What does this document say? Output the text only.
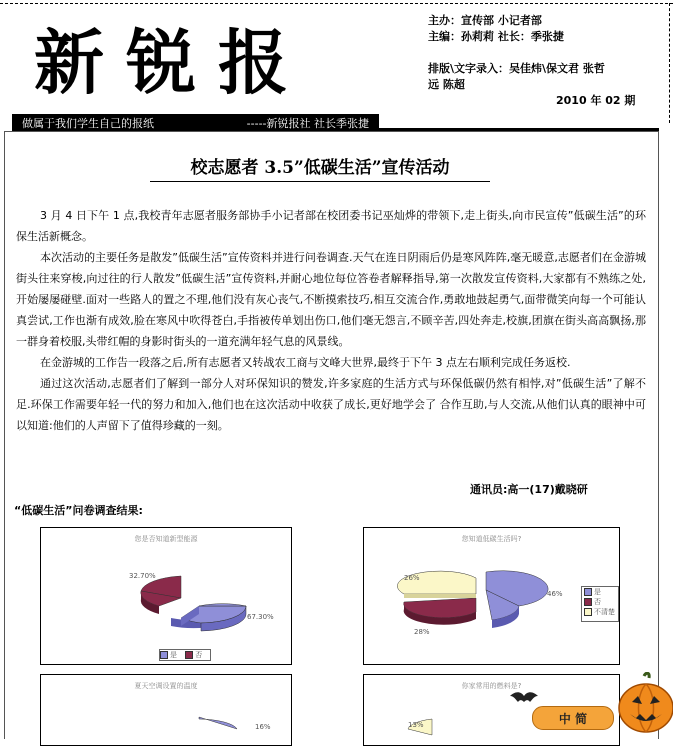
新锐报
主办：宣传部 小记者部
主编：孙莉莉 社长：季张捷
排版\文字录入：吴佳炜\保文君 张哲
远 陈超
2010 年 02 期
做属于我们学生自己的报纸	-----新锐报社 社长季张捷
校志愿者 3.5”低碳生活”宣传活动

3 月 4 日下午 1 点,我校青年志愿者服务部协手小记者部在校团委书记巫灿烨的带领下,走上街头,向市民宣传”低碳生活”的环保生活新概念。

本次活动的主要任务是散发”低碳生活”宣传资料并进行问卷调查.天气在连日阴雨后仍是寒风阵阵,毫无暖意,志愿者们在金游城街头往来穿梭,向过往的行人散发”低碳生活”宣传资料,并耐心地位每位答卷者解释指导,第一次散发宣传资料,大家都有不熟练之处,开始屡屡碰壁.面对一些路人的置之不理,他们没有灰心丧气,不断摸索技巧,相互交流合作,勇敢地鼓起勇气,面带微笑向每一个可能认真尝试,工作也渐有成效,脸在寒风中吹得苍白,手指被传单划出伤口,他们毫无怨言,不顾辛苦,四处奔走,校旗,团旗在街头高高飘扬,那一群身着校服,头带红帽的身影时街头的一道充满年轻气息的风景线。

在金游城的工作告一段落之后,所有志愿者又转战农工商与文峰大世界,最终于下午 3 点左右顺利完成任务返校.

通过这次活动,志愿者们了解到一部分人对环保知识的赞发,许多家庭的生活方式与环保低碳仍然有相悖,对”低碳生活”了解不足.环保工作需要年轻一代的努力和加入,他们也在这次活动中收获了成长,更好地学会了 合作互助,与人交流,从他们认真的眼神中可以知道:他们的人声留下了值得珍藏的一刻。

通讯员:高一(17)戴晓研
“低碳生活”问卷调查结果:
您是否知道新型能源
32.70%
67.30%
是	否
您知道低碳生活吗?
26%
28%
46%	是
否
不清楚
夏天空调设置的温度
16%
你家常用的燃料是?
13%	中 简
